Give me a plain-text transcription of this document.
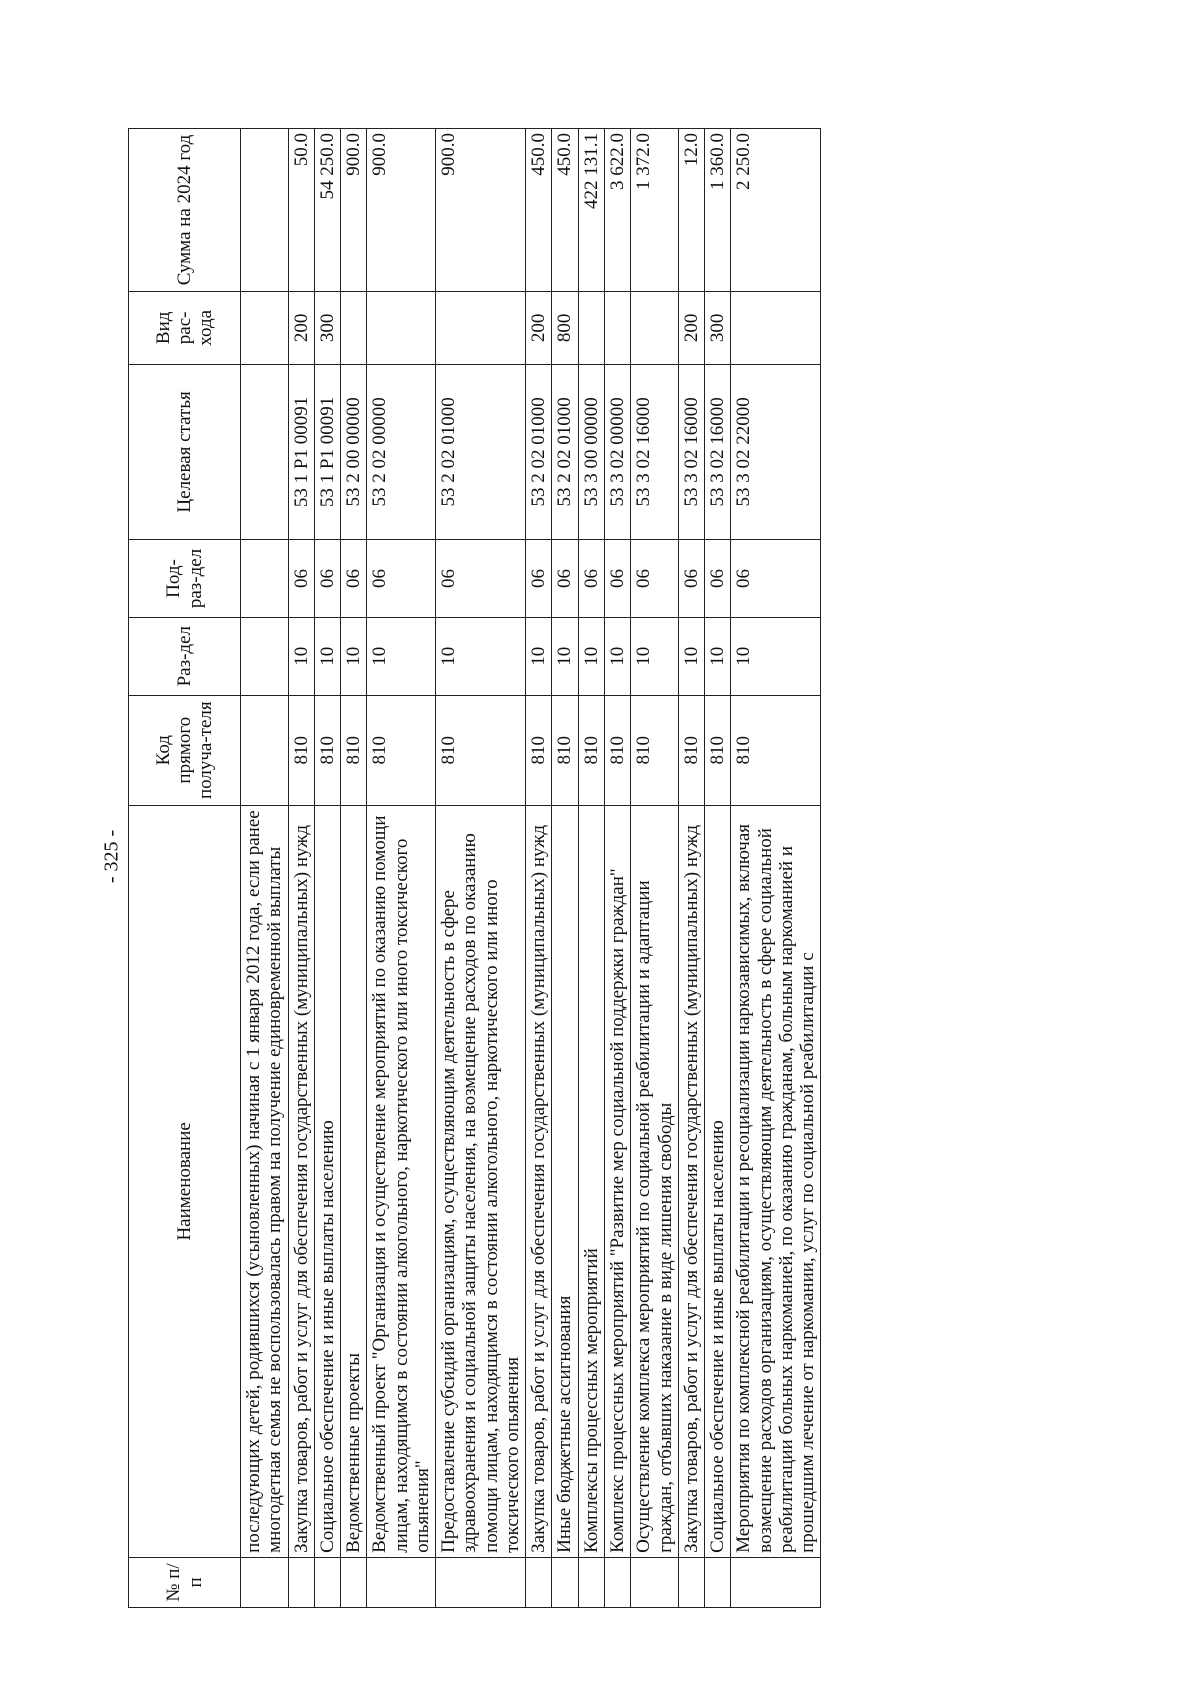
- 325 -
№ п/п	Наименование	Код прямого получа-теля	Раз-дел	Под-раз-дел	Целевая статья	Вид рас-хода	Сумма на 2024 год
	последующих детей, родившихся (усыновленных) начиная с 1 января 2012 года, если ранее многодетная семья не воспользовалась правом на получение единовременной выплаты						
	Закупка товаров, работ и услуг для обеспечения государственных (муниципальных) нужд	810	10	06	53 1 P1 00091	200	50.0
	Социальное обеспечение и иные выплаты населению	810	10	06	53 1 P1 00091	300	54 250.0
	Ведомственные проекты	810	10	06	53 2 00 00000		900.0
	Ведомственный проект "Организация и осуществление мероприятий по оказанию помощи лицам, находящимся в состоянии алкогольного, наркотического или иного токсического опьянения"	810	10	06	53 2 02 00000		900.0
	Предоставление субсидий организациям, осуществляющим деятельность в сфере здравоохранения и социальной защиты населения, на возмещение расходов по оказанию помощи лицам, находящимся в состоянии алкогольного, наркотического или иного токсического опьянения	810	10	06	53 2 02 01000		900.0
	Закупка товаров, работ и услуг для обеспечения государственных (муниципальных) нужд	810	10	06	53 2 02 01000	200	450.0
	Иные бюджетные ассигнования	810	10	06	53 2 02 01000	800	450.0
	Комплексы процессных мероприятий	810	10	06	53 3 00 00000		422 131.1
	Комплекс процессных мероприятий "Развитие мер социальной поддержки граждан"	810	10	06	53 3 02 00000		3 622.0
	Осуществление комплекса мероприятий по социальной реабилитации и адаптации граждан, отбывших наказание в виде лишения свободы	810	10	06	53 3 02 16000		1 372.0
	Закупка товаров, работ и услуг для обеспечения государственных (муниципальных) нужд	810	10	06	53 3 02 16000	200	12.0
	Социальное обеспечение и иные выплаты населению	810	10	06	53 3 02 16000	300	1 360.0
	Мероприятия по комплексной реабилитации и ресоциализации наркозависимых, включая возмещение расходов организациям, осуществляющим деятельность в сфере социальной реабилитации больных наркоманией, по оказанию гражданам, больным наркоманией и прошедшим лечение от наркомании, услуг по социальной реабилитации с	810	10	06	53 3 02 22000		2 250.0
